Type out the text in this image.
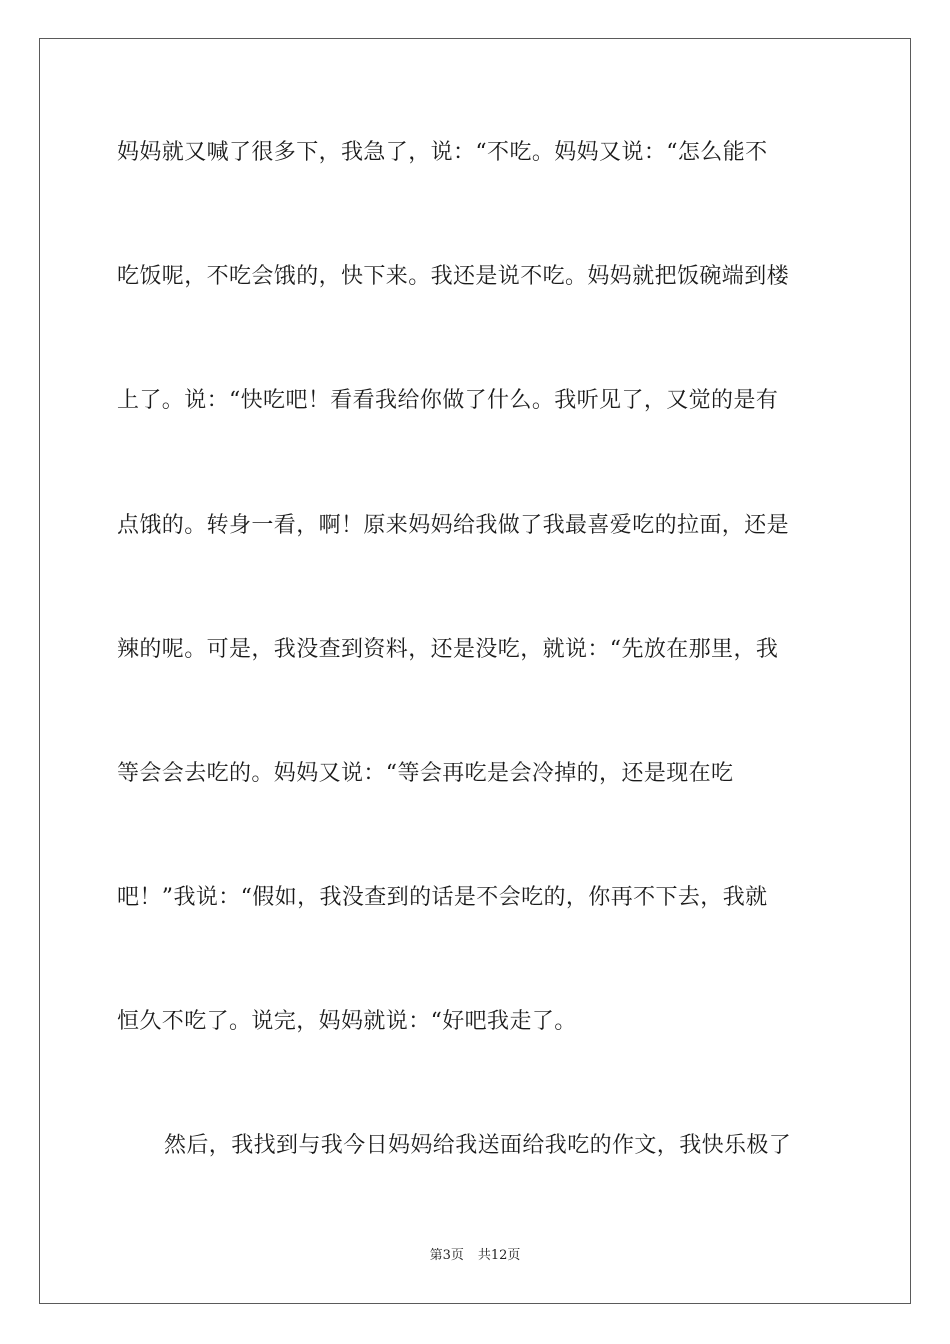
妈妈就又喊了很多下，我急了，说：“不吃。妈妈又说：“怎么能不
吃饭呢，不吃会饿的，快下来。我还是说不吃。妈妈就把饭碗端到楼
上了。说：“快吃吧！看看我给你做了什么。我听见了，又觉的是有
点饿的。转身一看，啊！原来妈妈给我做了我最喜爱吃的拉面，还是
辣的呢。可是，我没查到资料，还是没吃，就说：“先放在那里，我
等会会去吃的。妈妈又说：“等会再吃是会冷掉的，还是现在吃
吧！”我说：“假如，我没查到的话是不会吃的，你再不下去，我就
恒久不吃了。说完，妈妈就说：“好吧我走了。
然后，我找到与我今日妈妈给我送面给我吃的作文，我快乐极了
第3页 共12页
